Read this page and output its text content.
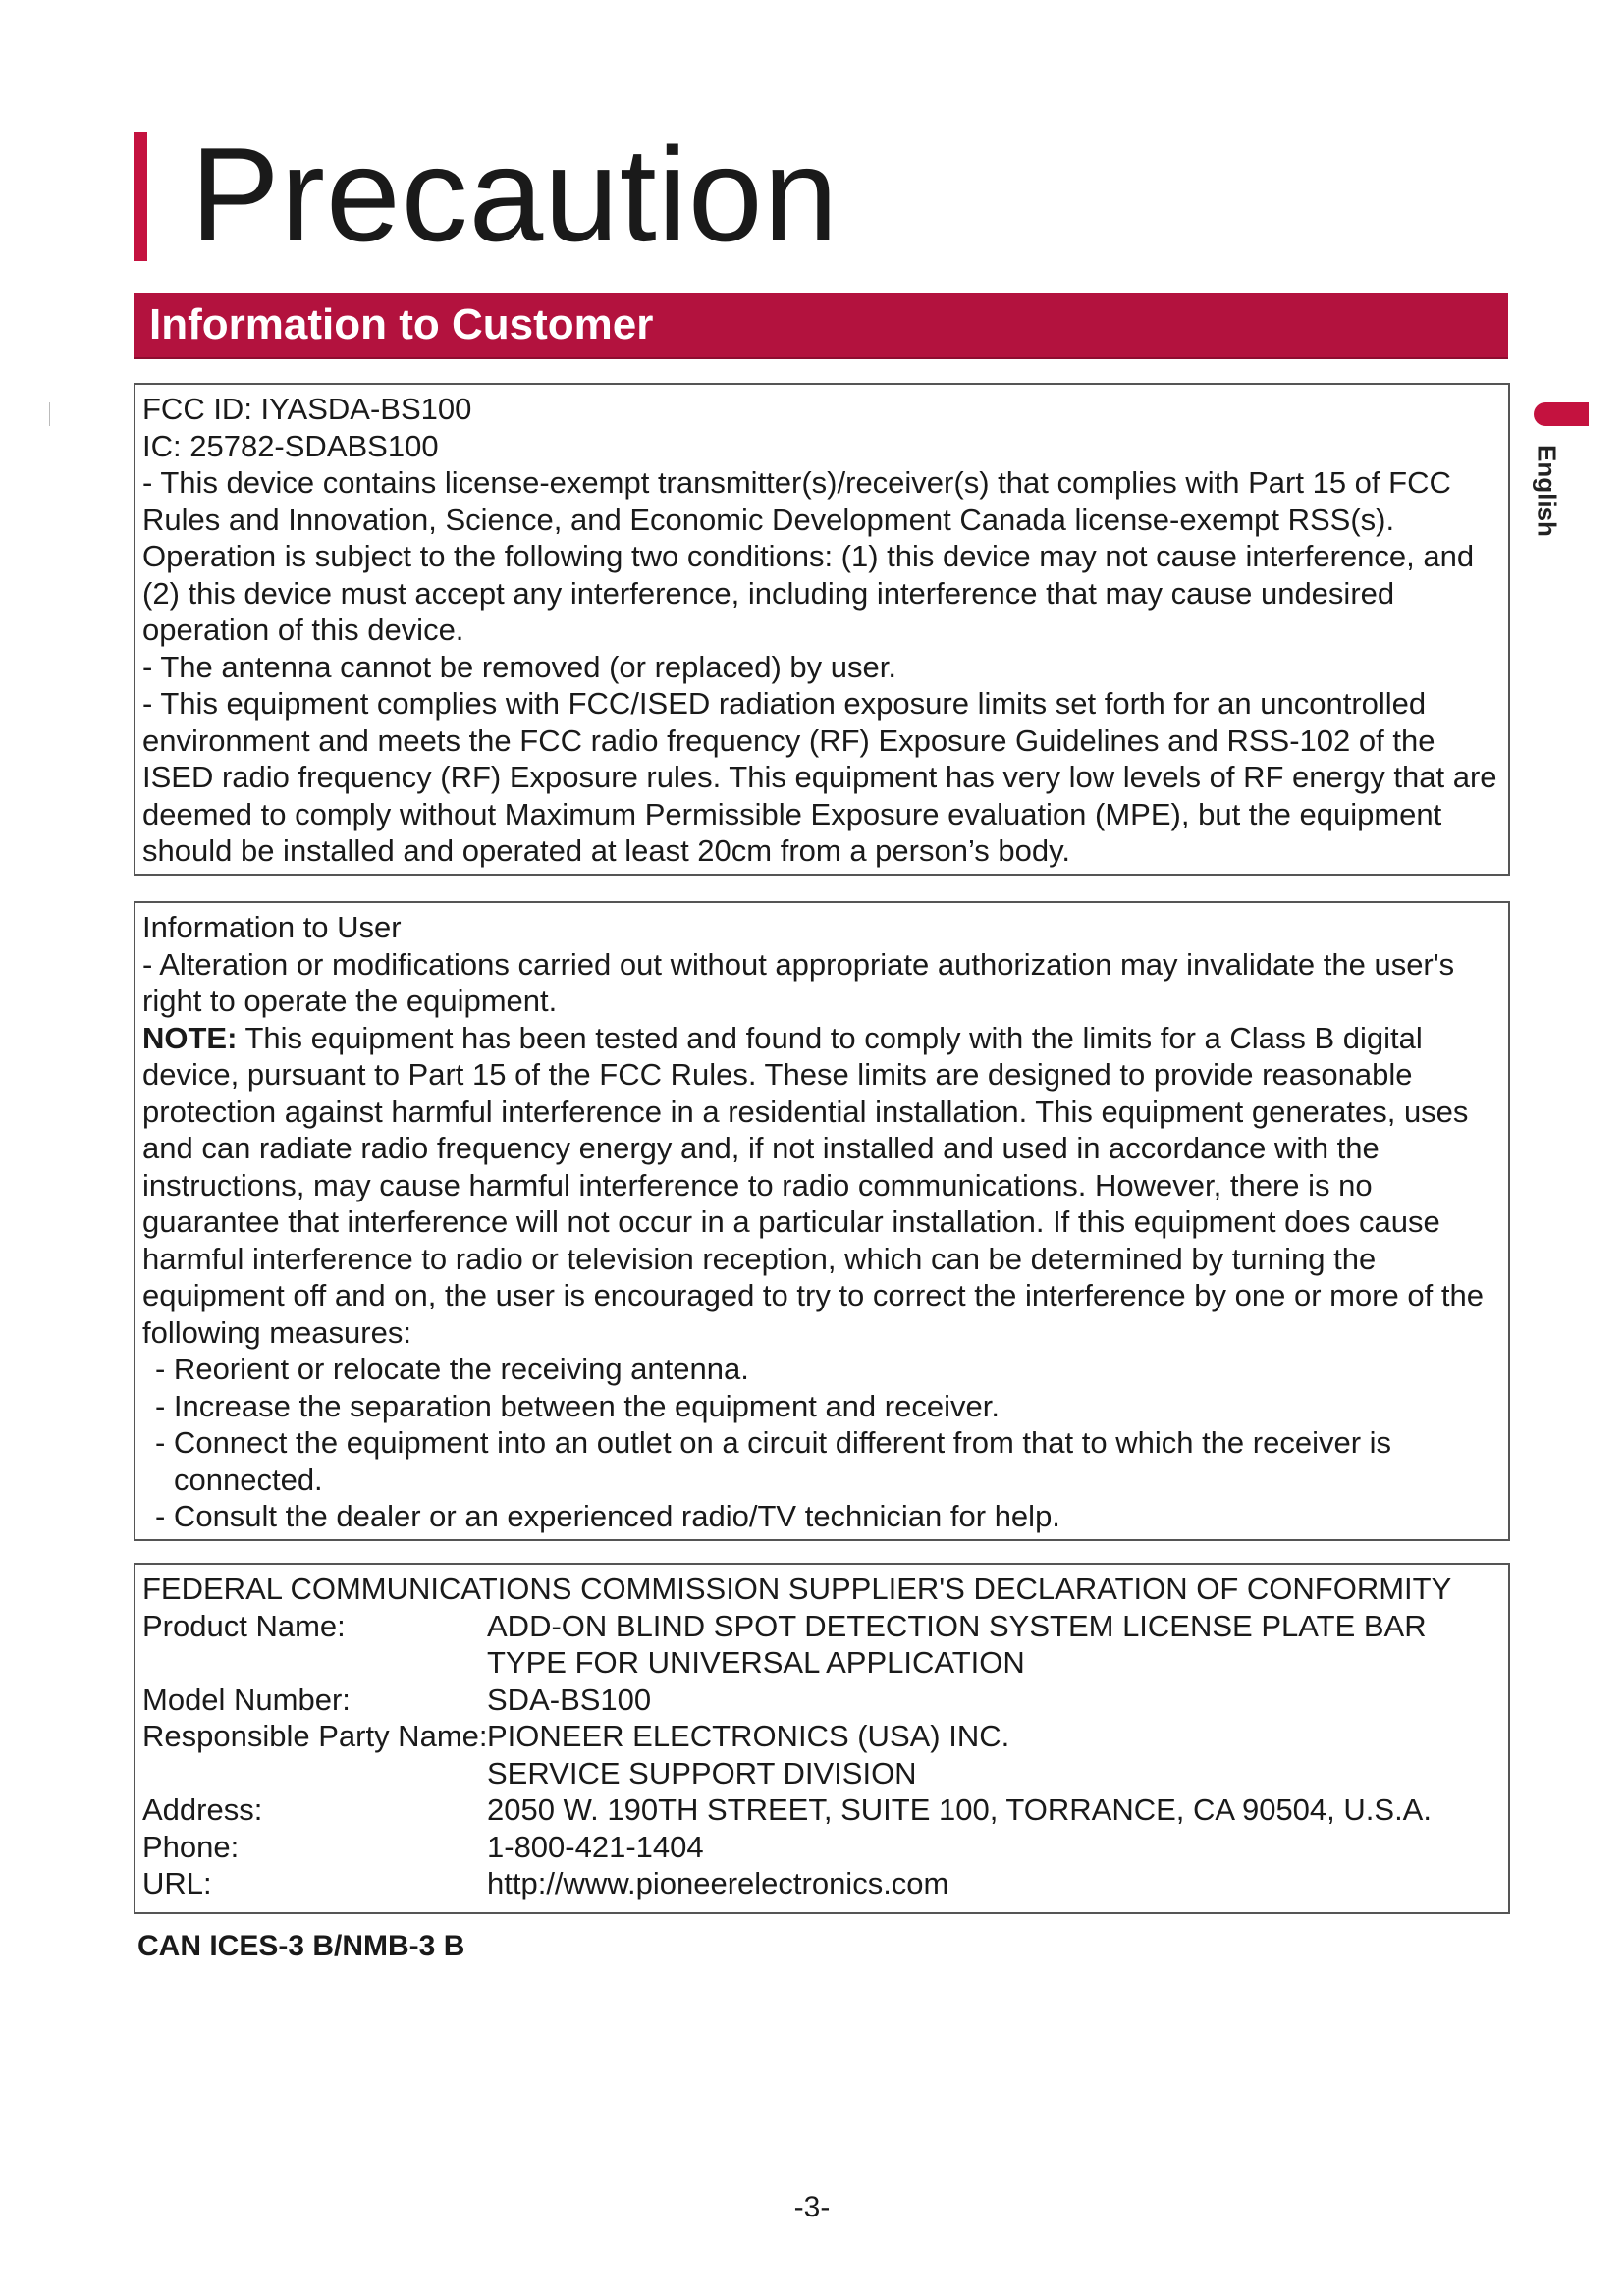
Precaution
Information to Customer
English

FCC ID: IYASDA-BS100

IC: 25782-SDABS100

- This device contains license-exempt transmitter(s)/receiver(s) that complies with Part 15 of FCC Rules and Innovation, Science, and Economic Development Canada license-exempt RSS(s). Operation is subject to the following two conditions: (1) this device may not cause interference, and (2) this device must accept any interference, including interference that may cause undesired operation of this device.

- The antenna cannot be removed (or replaced) by user.

- This equipment complies with FCC/ISED radiation exposure limits set forth for an uncontrolled environment and meets the FCC radio frequency (RF) Exposure Guidelines and RSS-102 of the ISED radio frequency (RF) Exposure rules. This equipment has very low levels of RF energy that are deemed to comply without Maximum Permissible Exposure evaluation (MPE), but the equipment should be installed and operated at least 20cm from a person’s body.

Information to User

- Alteration or modifications carried out without appropriate authorization may invalidate the user's right to operate the equipment.

NOTE: This equipment has been tested and found to comply with the limits for a Class B digital device, pursuant to Part 15 of the FCC Rules. These limits are designed to provide reasonable protection against harmful interference in a residential installation. This equipment generates, uses and can radiate radio frequency energy and, if not installed and used in accordance with the instructions, may cause harmful interference to radio communications. However, there is no guarantee that interference will not occur in a particular installation. If this equipment does cause harmful interference to radio or television reception, which can be determined by turning the equipment off and on, the user is encouraged to try to correct the interference by one or more of the following measures:

- Reorient or relocate the receiving antenna.

- Increase the separation between the equipment and receiver.

- Connect the equipment into an outlet on a circuit different from that to which the receiver is

connected.

- Consult the dealer or an experienced radio/TV technician for help.

FEDERAL COMMUNICATIONS COMMISSION SUPPLIER'S DECLARATION OF CONFORMITY

Product Name:	ADD-ON BLIND SPOT DETECTION SYSTEM LICENSE PLATE BAR TYPE FOR UNIVERSAL APPLICATION
Model Number:	SDA-BS100
Responsible Party Name: PIONEER ELECTRONICS (USA) INC.
SERVICE SUPPORT DIVISION
Address:	2050 W. 190TH STREET, SUITE 100, TORRANCE, CA 90504, U.S.A.
Phone:	1-800-421-1404
URL:	http://www.pioneerelectronics.com
CAN ICES-3 B/NMB-3 B
-3-
